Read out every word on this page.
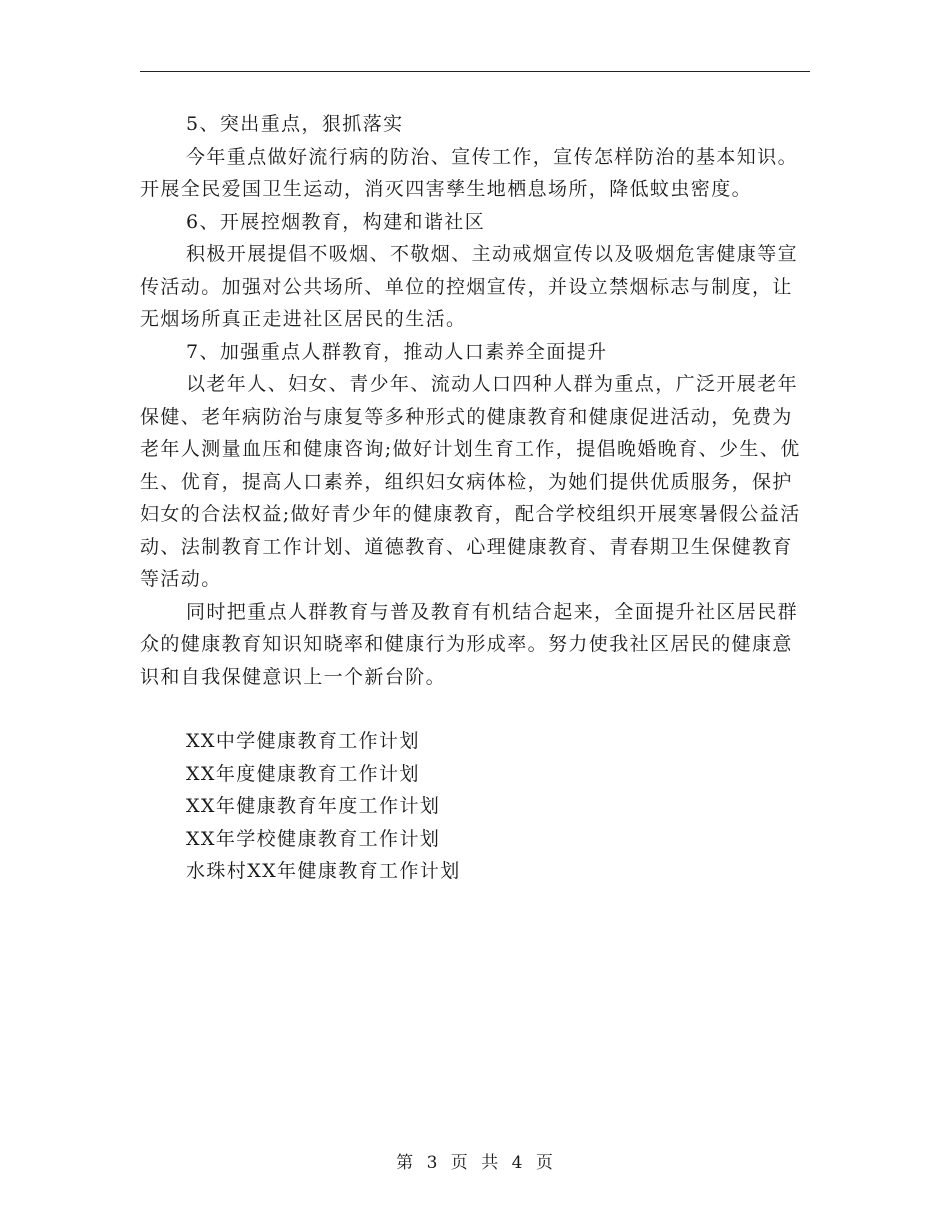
5、突出重点，狠抓落实

今年重点做好流行病的防治、宣传工作，宣传怎样防治的基本知识。开展全民爱国卫生运动，消灭四害孳生地栖息场所，降低蚊虫密度。

6、开展控烟教育，构建和谐社区

积极开展提倡不吸烟、不敬烟、主动戒烟宣传以及吸烟危害健康等宣传活动。加强对公共场所、单位的控烟宣传，并设立禁烟标志与制度，让无烟场所真正走进社区居民的生活。

7、加强重点人群教育，推动人口素养全面提升

以老年人、妇女、青少年、流动人口四种人群为重点，广泛开展老年保健、老年病防治与康复等多种形式的健康教育和健康促进活动，免费为老年人测量血压和健康咨询;做好计划生育工作，提倡晚婚晚育、少生、优生、优育，提高人口素养，组织妇女病体检，为她们提供优质服务，保护妇女的合法权益;做好青少年的健康教育，配合学校组织开展寒暑假公益活动、法制教育工作计划、道德教育、心理健康教育、青春期卫生保健教育等活动。

同时把重点人群教育与普及教育有机结合起来，全面提升社区居民群众的健康教育知识知晓率和健康行为形成率。努力使我社区居民的健康意识和自我保健意识上一个新台阶。

XX中学健康教育工作计划
XX年度健康教育工作计划
XX年健康教育年度工作计划
XX年学校健康教育工作计划
水珠村XX年健康教育工作计划
第 3 页 共 4 页
